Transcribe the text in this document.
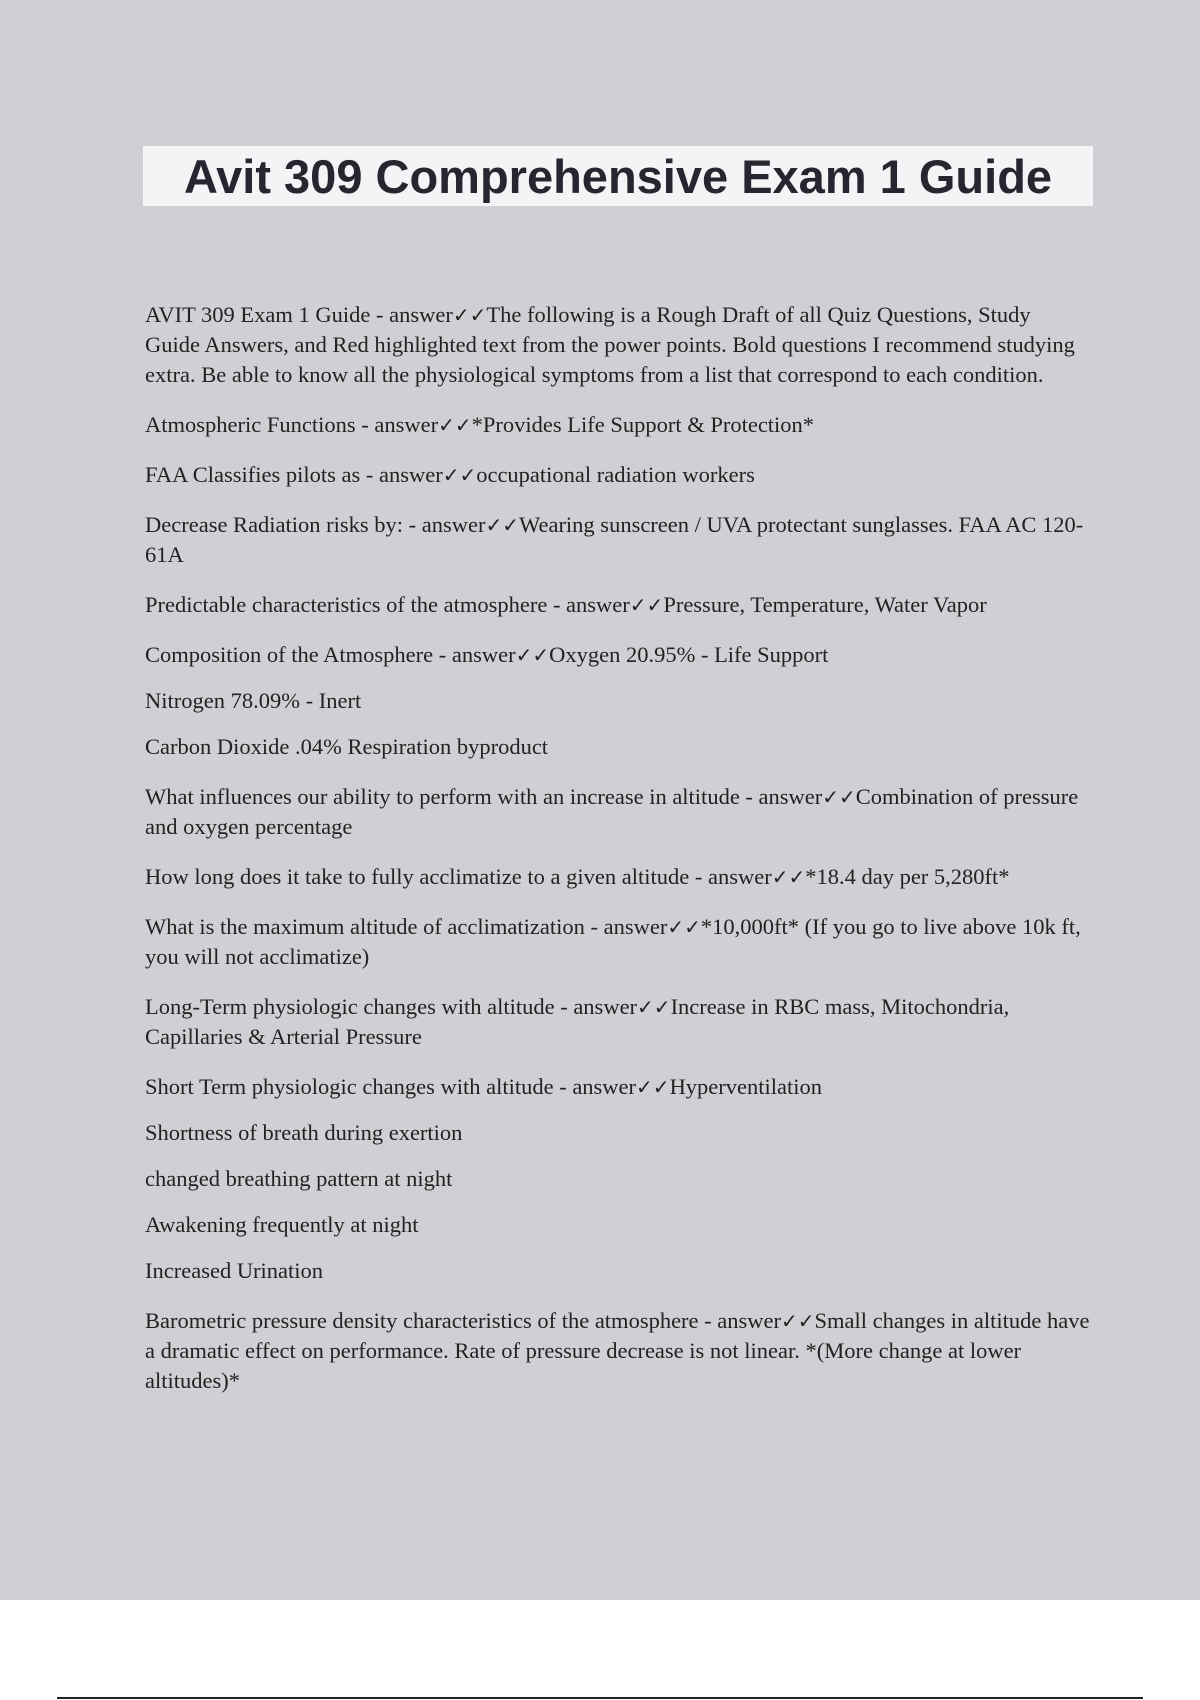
Avit 309 Comprehensive Exam 1 Guide

AVIT 309 Exam 1 Guide - answer✓✓The following is a Rough Draft of all Quiz Questions, Study Guide Answers, and Red highlighted text from the power points. Bold questions I recommend studying extra. Be able to know all the physiological symptoms from a list that correspond to each condition.

Atmospheric Functions - answer✓✓*Provides Life Support & Protection*

FAA Classifies pilots as - answer✓✓occupational radiation workers

Decrease Radiation risks by: - answer✓✓Wearing sunscreen / UVA protectant sunglasses. FAA AC 120-61A

Predictable characteristics of the atmosphere - answer✓✓Pressure, Temperature, Water Vapor

Composition of the Atmosphere - answer✓✓Oxygen 20.95% - Life Support

Nitrogen 78.09% - Inert

Carbon Dioxide .04% Respiration byproduct

What influences our ability to perform with an increase in altitude - answer✓✓Combination of pressure and oxygen percentage

How long does it take to fully acclimatize to a given altitude - answer✓✓*18.4 day per 5,280ft*

What is the maximum altitude of acclimatization - answer✓✓*10,000ft* (If you go to live above 10k ft, you will not acclimatize)

Long-Term physiologic changes with altitude - answer✓✓Increase in RBC mass, Mitochondria, Capillaries & Arterial Pressure

Short Term physiologic changes with altitude - answer✓✓Hyperventilation

Shortness of breath during exertion

changed breathing pattern at night

Awakening frequently at night

Increased Urination

Barometric pressure density characteristics of the atmosphere - answer✓✓Small changes in altitude have a dramatic effect on performance. Rate of pressure decrease is not linear. *(More change at lower altitudes)*
